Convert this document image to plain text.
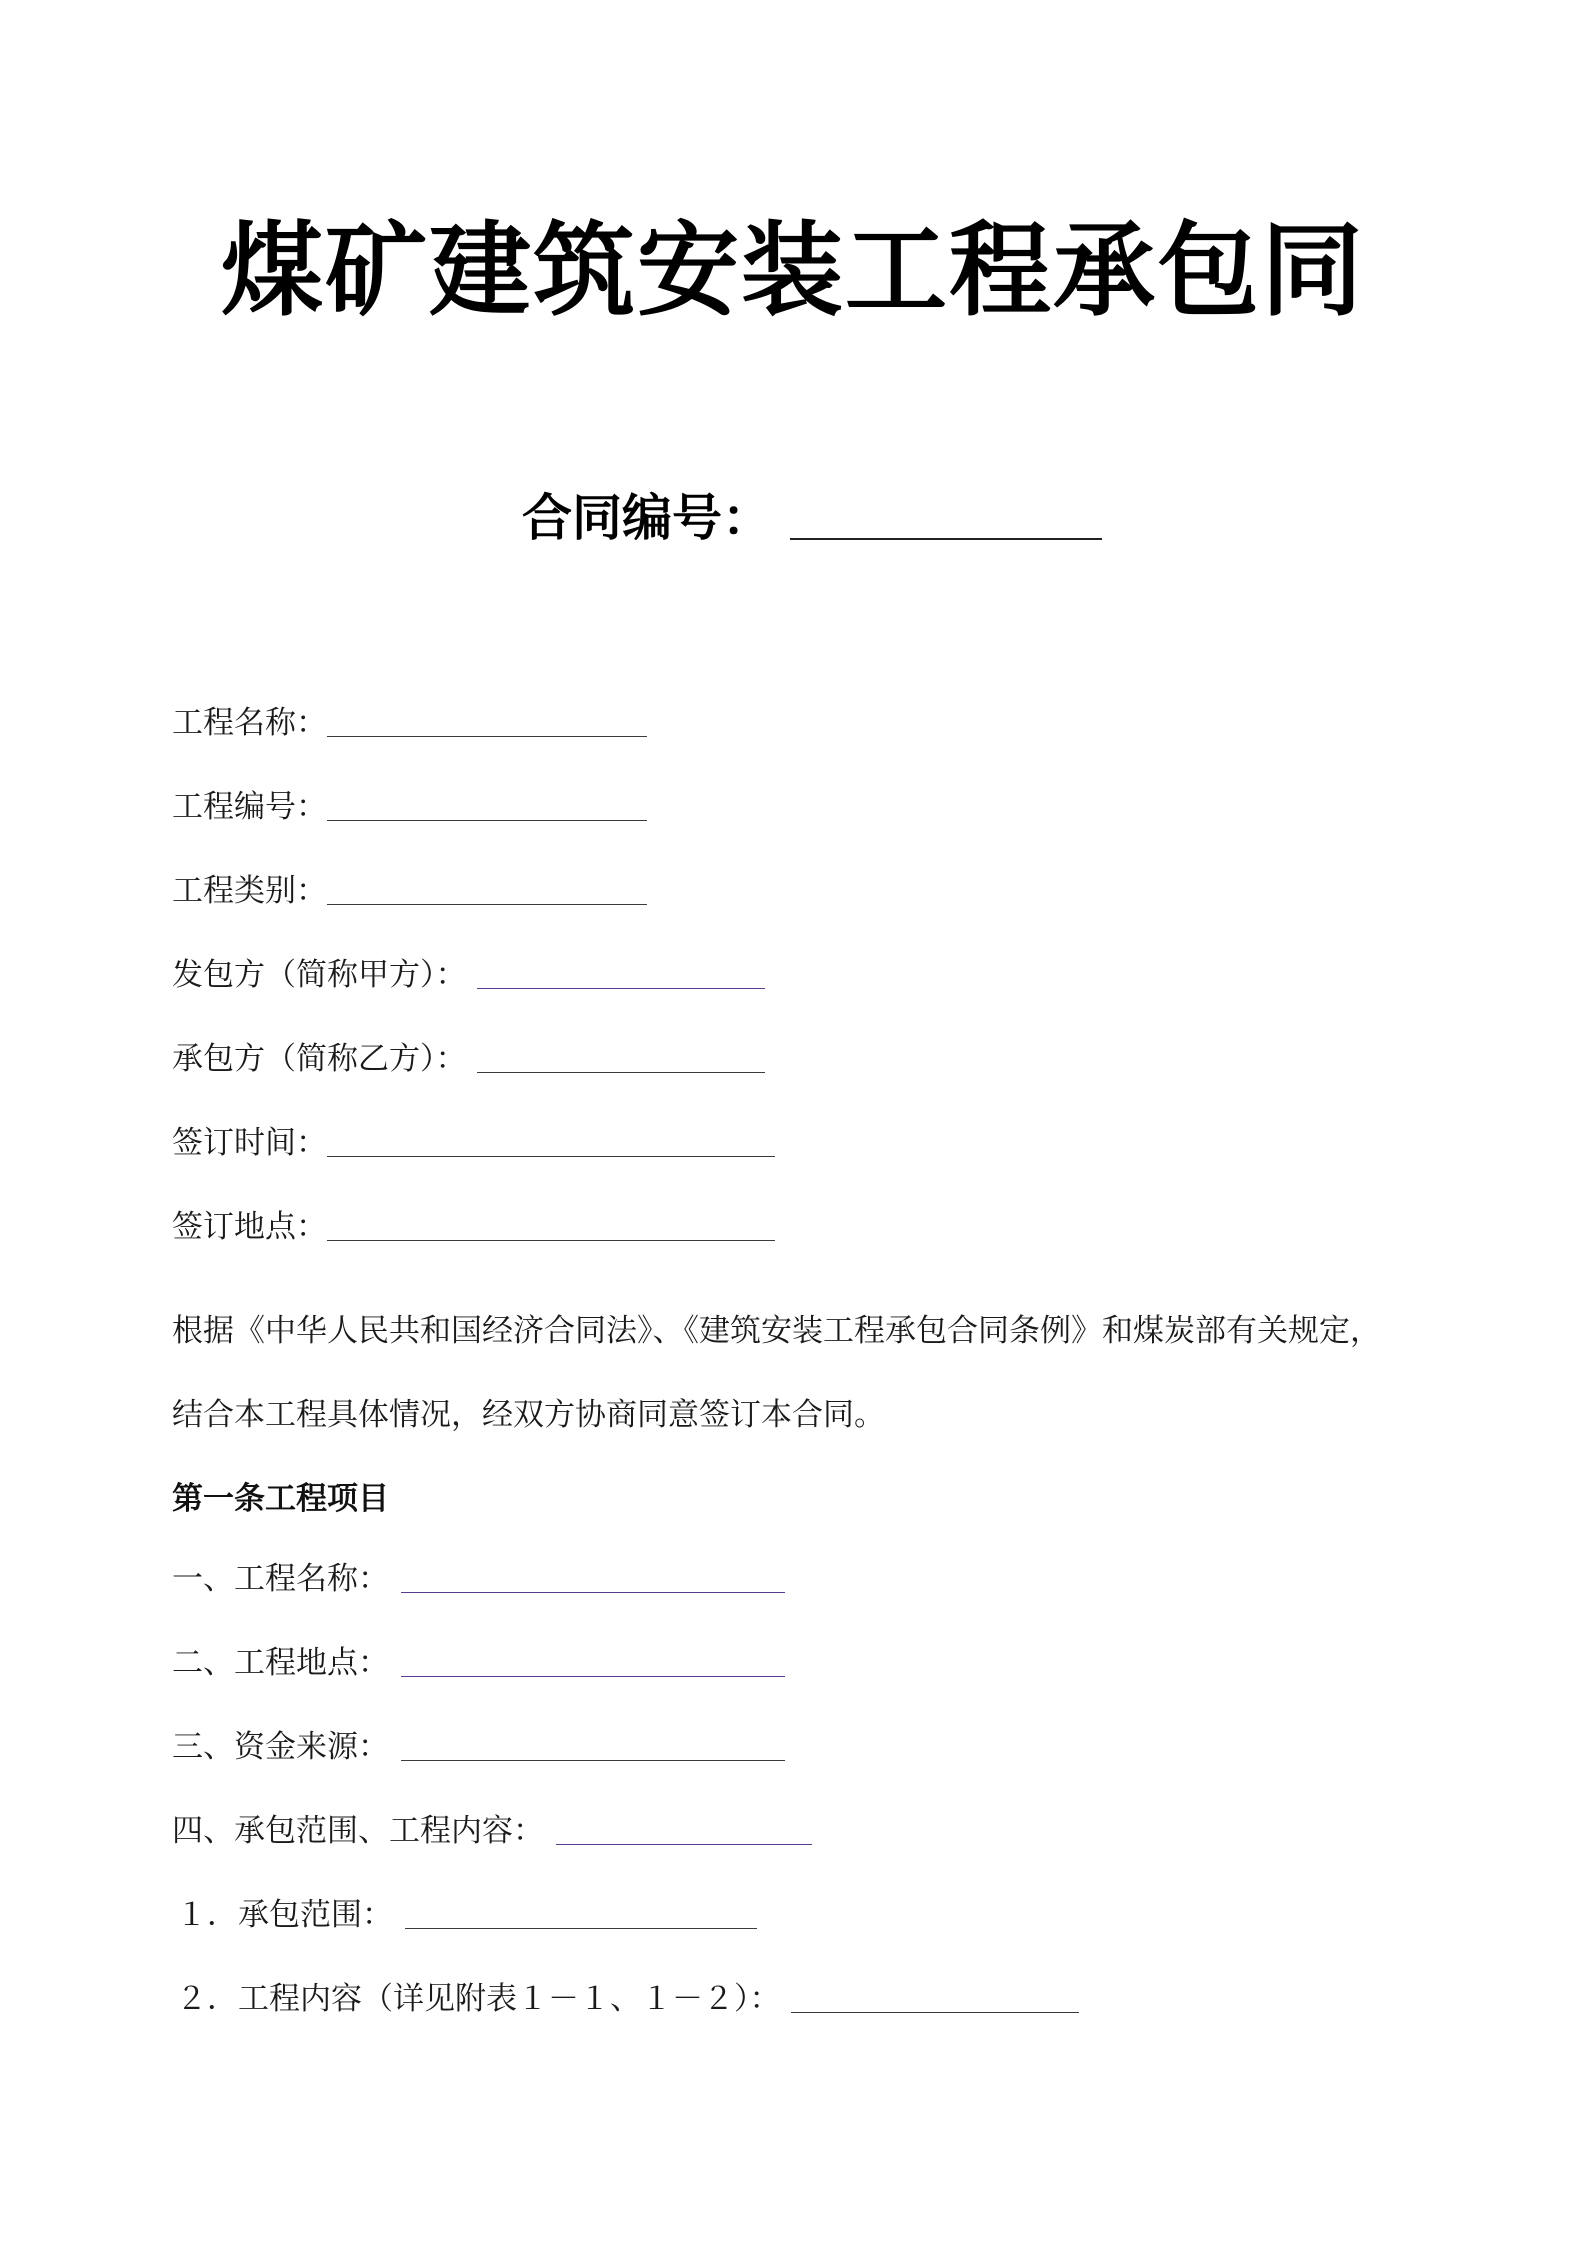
煤矿建筑安装工程承包同
合同编号：
工程名称：
工程编号：
工程类别：
发包方（简称甲方）：
承包方（简称乙方）：
签订时间：
签订地点：
根据《中华人民共和国经济合同法》、《建筑安装工程承包合同条例》和煤炭部有关规定，
结合本工程具体情况，经双方协商同意签订本合同。
第一条工程项目
一、工程名称：
二、工程地点：
三、资金来源：
四、承包范围、工程内容：
１．承包范围：
２．工程内容（详见附表１－１、１－２）：
